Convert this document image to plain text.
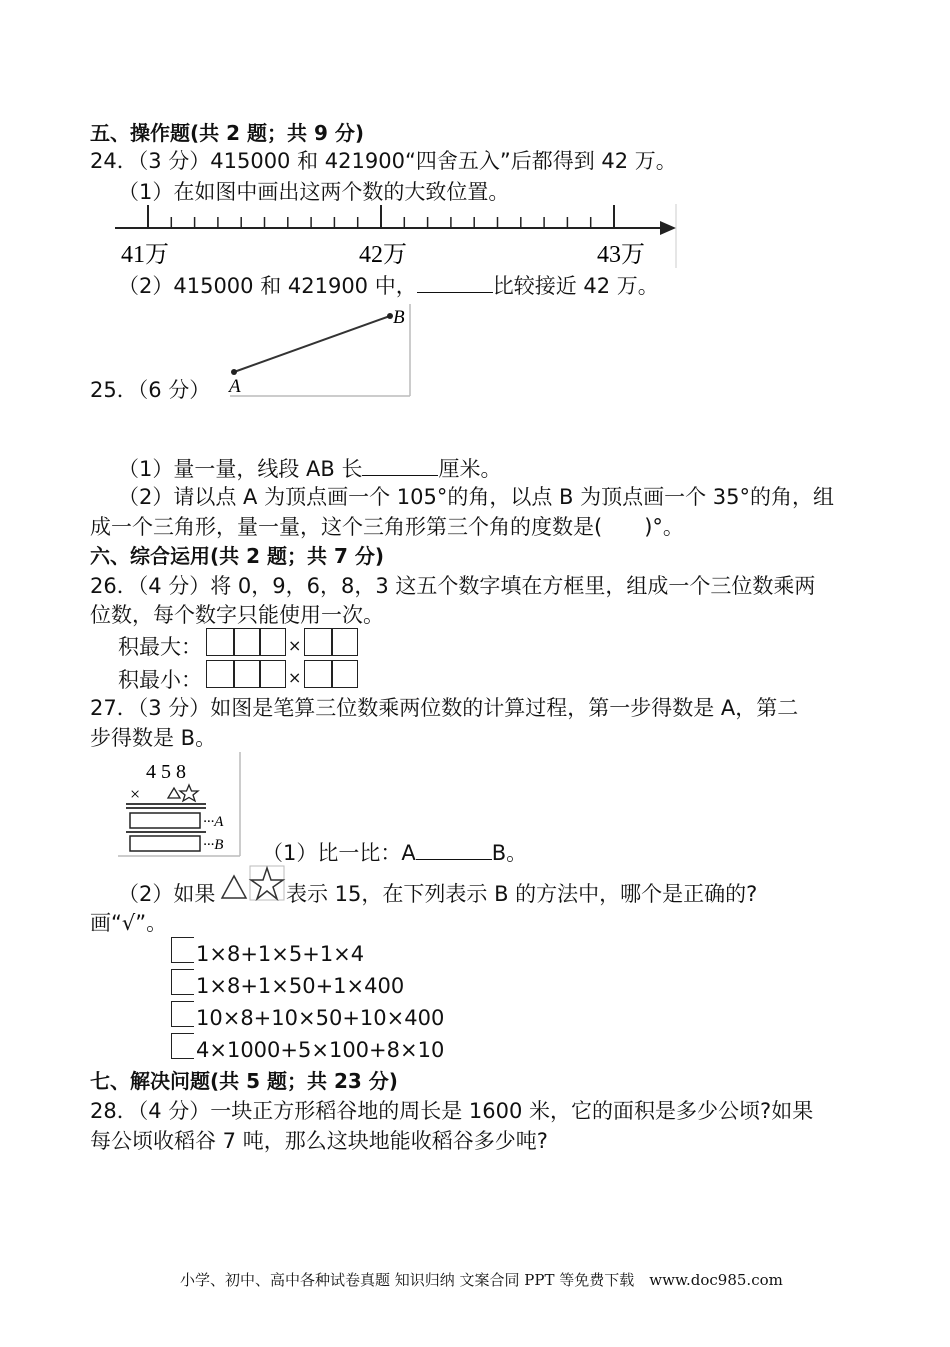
五、操作题(共 2 题；共 9 分)
24．（3 分）415000 和 421900“四舍五入”后都得到 42 万。
（1）在如图中画出这两个数的大致位置。
41万	42万	43万
（2）415000 和 421900 中，	比较接近 42 万。
A
B
25．（6 分）
（1）量一量，线段 AB 长	厘米。
（2）请以点 A 为顶点画一个 105°的角，以点 B 为顶点画一个 35°的角，组
成一个三角形，量一量，这个三角形第三个角的度数是(　　)°。
六、综合运用(共 2 题；共 7 分)
26．（4 分）将 0，9，6，8，3 这五个数字填在方框里，组成一个三位数乘两
位数，每个数字只能使用一次。
积最大：	×
积最小：	×
27．（3 分）如图是笔算三位数乘两位数的计算过程，第一步得数是 A，第二
步得数是 B。
4 5 8
×
···A
···B （1）比一比：A	B。
（2）如果	表示 15，在下列表示 B 的方法中，哪个是正确的?
画“√”。
1×8+1×5+1×4
1×8+1×50+1×400
10×8+10×50+10×400
4×1000+5×100+8×10
七、解决问题(共 5 题；共 23 分)
28．（4 分）一块正方形稻谷地的周长是 1600 米，它的面积是多少公顷?如果
每公顷收稻谷 7 吨，那么这块地能收稻谷多少吨?
小学、初中、高中各种试卷真题 知识归纳 文案合同 PPT 等免费下载　www.doc985.com
